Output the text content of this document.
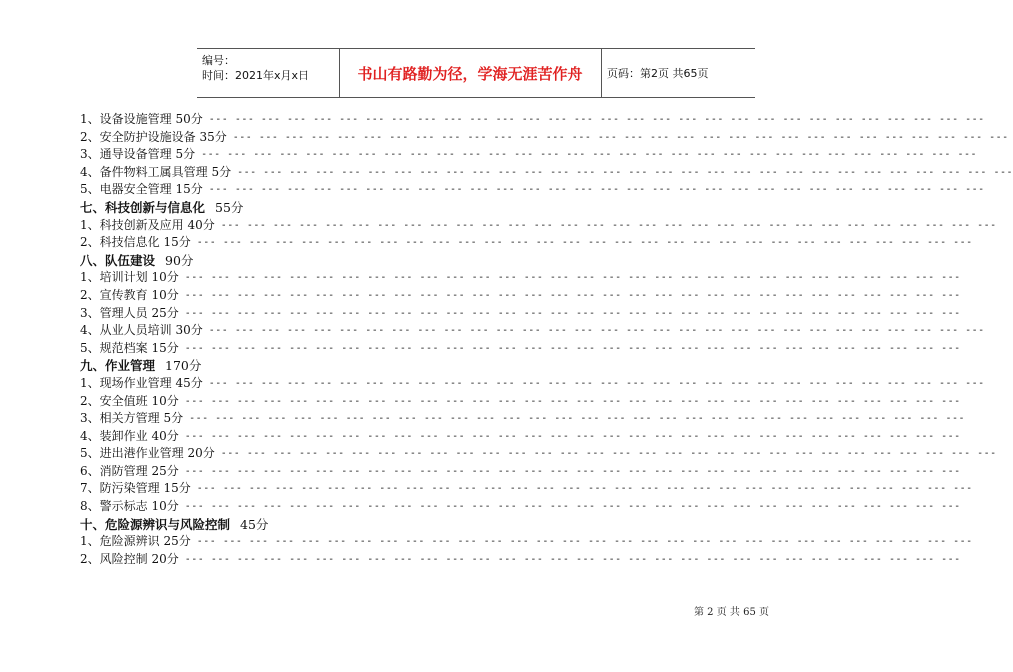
编号：
时间：2021年x月x日	书山有路勤为径，学海无涯苦作舟	页码：第2页 共65页
1、设备设施管理 50分 --- --- --- --- --- --- --- --- --- --- --- --- --- --- --- --- --- --- --- --- --- --- --- --- --- --- --- --- --- ---
2、安全防护设施设备 35分 --- --- --- --- --- --- --- --- --- --- --- --- --- --- --- --- --- --- --- --- --- --- --- --- --- --- --- --- --- ---
3、通导设备管理 5分 --- --- --- --- --- --- --- --- --- --- --- --- --- --- --- --- --- --- --- --- --- --- --- --- --- --- --- --- --- ---
4、备件物料工属具管理 5分 --- --- --- --- --- --- --- --- --- --- --- --- --- --- --- --- --- --- --- --- --- --- --- --- --- --- --- --- --- ---
5、电器安全管理 15分 --- --- --- --- --- --- --- --- --- --- --- --- --- --- --- --- --- --- --- --- --- --- --- --- --- --- --- --- --- ---
七、科技创新与信息化 55分
1、科技创新及应用 40分 --- --- --- --- --- --- --- --- --- --- --- --- --- --- --- --- --- --- --- --- --- --- --- --- --- --- --- --- --- ---
2、科技信息化 15分 --- --- --- --- --- --- --- --- --- --- --- --- --- --- --- --- --- --- --- --- --- --- --- --- --- --- --- --- --- ---
八、队伍建设 90分
1、培训计划 10分 --- --- --- --- --- --- --- --- --- --- --- --- --- --- --- --- --- --- --- --- --- --- --- --- --- --- --- --- --- ---
2、宣传教育 10分 --- --- --- --- --- --- --- --- --- --- --- --- --- --- --- --- --- --- --- --- --- --- --- --- --- --- --- --- --- ---
3、管理人员 25分 --- --- --- --- --- --- --- --- --- --- --- --- --- --- --- --- --- --- --- --- --- --- --- --- --- --- --- --- --- ---
4、从业人员培训 30分 --- --- --- --- --- --- --- --- --- --- --- --- --- --- --- --- --- --- --- --- --- --- --- --- --- --- --- --- --- ---
5、规范档案 15分 --- --- --- --- --- --- --- --- --- --- --- --- --- --- --- --- --- --- --- --- --- --- --- --- --- --- --- --- --- ---
九、作业管理 170分
1、现场作业管理 45分 --- --- --- --- --- --- --- --- --- --- --- --- --- --- --- --- --- --- --- --- --- --- --- --- --- --- --- --- --- ---
2、安全值班 10分 --- --- --- --- --- --- --- --- --- --- --- --- --- --- --- --- --- --- --- --- --- --- --- --- --- --- --- --- --- ---
3、相关方管理 5分 --- --- --- --- --- --- --- --- --- --- --- --- --- --- --- --- --- --- --- --- --- --- --- --- --- --- --- --- --- ---
4、装卸作业 40分 --- --- --- --- --- --- --- --- --- --- --- --- --- --- --- --- --- --- --- --- --- --- --- --- --- --- --- --- --- ---
5、进出港作业管理 20分 --- --- --- --- --- --- --- --- --- --- --- --- --- --- --- --- --- --- --- --- --- --- --- --- --- --- --- --- --- ---
6、消防管理 25分 --- --- --- --- --- --- --- --- --- --- --- --- --- --- --- --- --- --- --- --- --- --- --- --- --- --- --- --- --- ---
7、防污染管理 15分 --- --- --- --- --- --- --- --- --- --- --- --- --- --- --- --- --- --- --- --- --- --- --- --- --- --- --- --- --- ---
8、警示标志 10分 --- --- --- --- --- --- --- --- --- --- --- --- --- --- --- --- --- --- --- --- --- --- --- --- --- --- --- --- --- ---
十、危险源辨识与风险控制 45分
1、危险源辨识 25分 --- --- --- --- --- --- --- --- --- --- --- --- --- --- --- --- --- --- --- --- --- --- --- --- --- --- --- --- --- ---
2、风险控制 20分 --- --- --- --- --- --- --- --- --- --- --- --- --- --- --- --- --- --- --- --- --- --- --- --- --- --- --- --- --- ---
第 2 页 共 65 页
